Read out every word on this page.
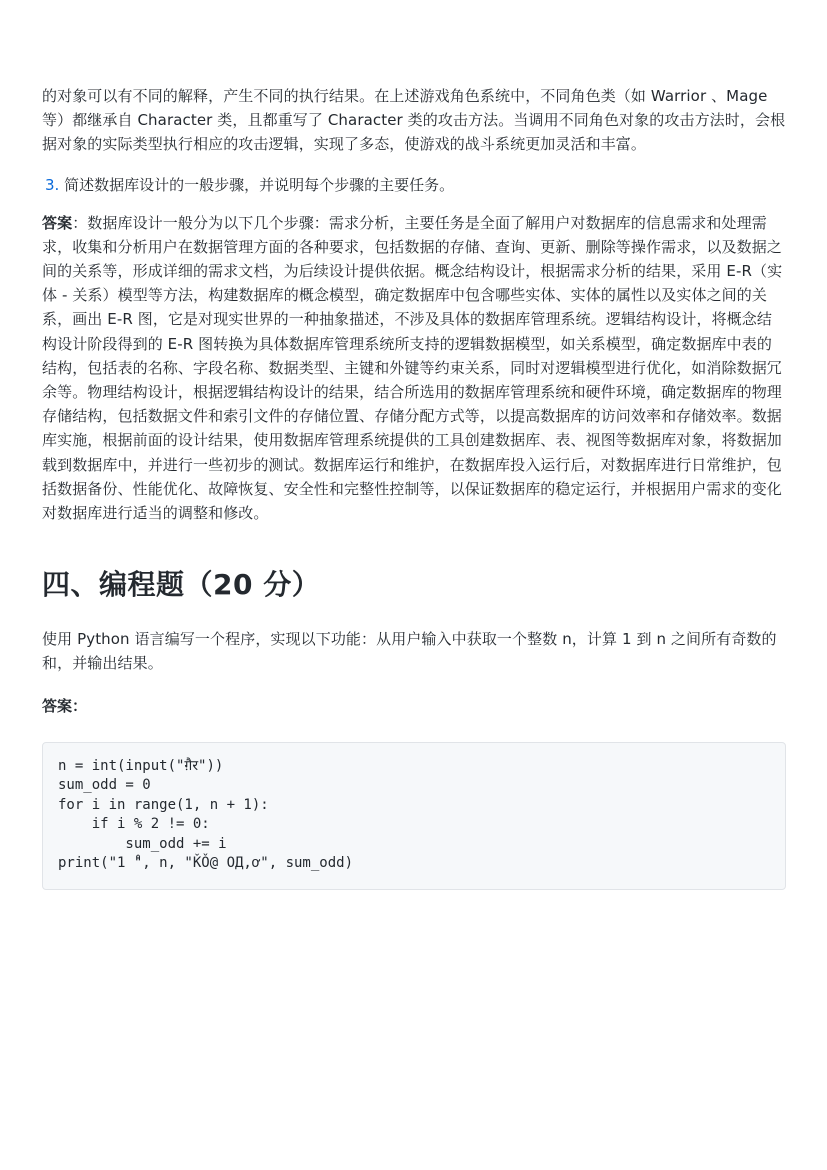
的对象可以有不同的解释，产生不同的执行结果。在上述游戏角色系统中，不同角色类（如 Warrior 、Mage 等）都继承自 Character 类，且都重写了 Character 类的攻击方法。当调用不同角色对象的攻击方法时，会根据对象的实际类型执行相应的攻击逻辑，实现了多态，使游戏的战斗系统更加灵活和丰富。

3. 简述数据库设计的一般步骤，并说明每个步骤的主要任务。

答案：数据库设计一般分为以下几个步骤：需求分析，主要任务是全面了解用户对数据库的信息需求和处理需求，收集和分析用户在数据管理方面的各种要求，包括数据的存储、查询、更新、删除等操作需求，以及数据之间的关系等，形成详细的需求文档，为后续设计提供依据。概念结构设计，根据需求分析的结果，采用 E-R（实体 - 关系）模型等方法，构建数据库的概念模型，确定数据库中包含哪些实体、实体的属性以及实体之间的关系，画出 E-R 图，它是对现实世界的一种抽象描述，不涉及具体的数据库管理系统。逻辑结构设计，将概念结构设计阶段得到的 E-R 图转换为具体数据库管理系统所支持的逻辑数据模型，如关系模型，确定数据库中表的结构，包括表的名称、字段名称、数据类型、主键和外键等约束关系，同时对逻辑模型进行优化，如消除数据冗余等。物理结构设计，根据逻辑结构设计的结果，结合所选用的数据库管理系统和硬件环境，确定数据库的物理存储结构，包括数据文件和索引文件的存储位置、存储分配方式等，以提高数据库的访问效率和存储效率。数据库实施，根据前面的设计结果，使用数据库管理系统提供的工具创建数据库、表、视图等数据库对象，将数据加载到数据库中，并进行一些初步的测试。数据库运行和维护，在数据库投入运行后，对数据库进行日常维护，包括数据备份、性能优化、故障恢复、安全性和完整性控制等，以保证数据库的稳定运行，并根据用户需求的变化对数据库进行适当的调整和修改。

四、编程题（20 分）

使用 Python 语言编写一个程序，实现以下功能：从用户输入中获取一个整数 n，计算 1 到 n 之间所有奇数的和，并输出结果。

答案：

n = int(input("ग़ैर"))
sum_odd = 0
for i in range(1, n + 1):
if i % 2 != 0:
sum_odd += i
print("1 ̊", n, "ǨǑ@ ОД,ơ", sum_odd)
